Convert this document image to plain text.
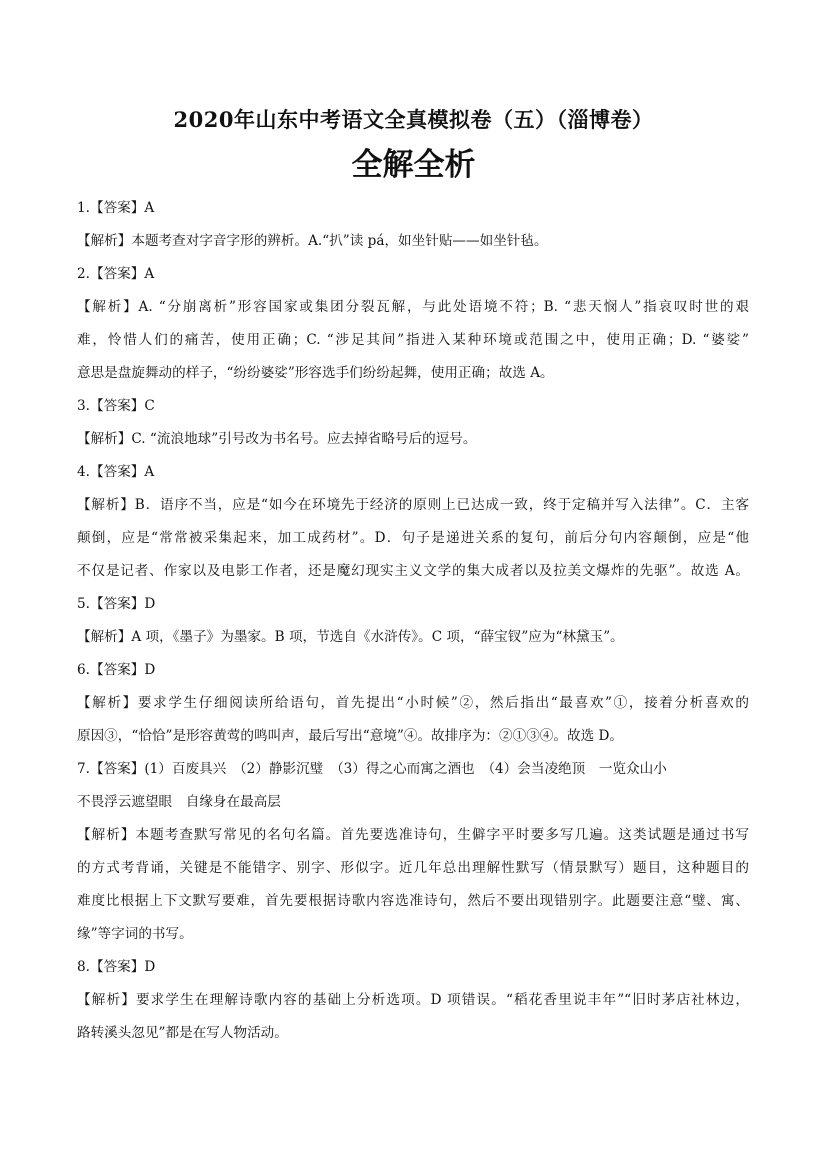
2020年山东中考语文全真模拟卷（五）（淄博卷）
全解全析
1.【答案】A
【解析】本题考查对字音字形的辨析。A.“扒”读 pá，如坐针贴——如坐针毡。
2.【答案】A
【解析】A. “分崩离析”形容国家或集团分裂瓦解，与此处语境不符；B. “悲天悯人”指哀叹时世的艰
难，怜惜人们的痛苦，使用正确；C. “涉足其间”指进入某种环境或范围之中，使用正确；D. “婆娑”
意思是盘旋舞动的样子，“纷纷婆娑”形容选手们纷纷起舞，使用正确；故选 A。
3.【答案】C
【解析】C. “流浪地球”引号改为书名号。应去掉省略号后的逗号。
4.【答案】A
【解析】B．语序不当，应是“如今在环境先于经济的原则上已达成一致，终于定稿并写入法律”。C．主客
颠倒，应是“常常被采集起来，加工成药材”。D．句子是递进关系的复句，前后分句内容颠倒，应是“他
不仅是记者、作家以及电影工作者，还是魔幻现实主义文学的集大成者以及拉美文爆炸的先驱”。故选 A。
5.【答案】D
【解析】A 项，《墨子》为墨家。B 项，节选自《水浒传》。C 项，“薛宝钗”应为“林黛玉”。
6.【答案】D
【解析】要求学生仔细阅读所给语句，首先提出“小时候”②，然后指出“最喜欢”①，接着分析喜欢的
原因③，“恰恰”是形容黄莺的鸣叫声，最后写出“意境”④。故排序为：②①③④。故选 D。
7.【答案】(1）百废具兴　（2）静影沉璧　（3）得之心而寓之酒也　（4）会当凌绝顶　一览众山小
不畏浮云遮望眼　自缘身在最高层
【解析】本题考查默写常见的名句名篇。首先要选准诗句，生僻字平时要多写几遍。这类试题是通过书写
的方式考背诵，关键是不能错字、别字、形似字。近几年总出理解性默写（情景默写）题目，这种题目的
难度比根据上下文默写要难，首先要根据诗歌内容选准诗句，然后不要出现错别字。此题要注意“璧、寓、
缘”等字词的书写。
8.【答案】D
【解析】要求学生在理解诗歌内容的基础上分析选项。D 项错误。“稻花香里说丰年”“旧时茅店社林边，
路转溪头忽见”都是在写人物活动。
